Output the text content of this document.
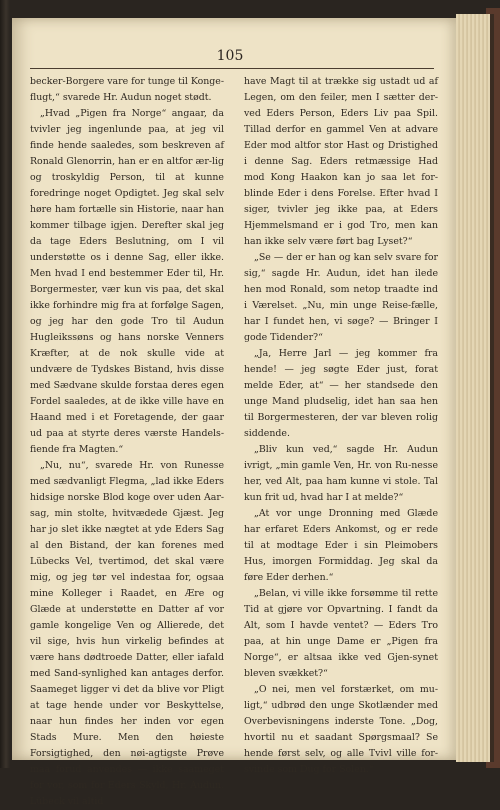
105

becker-Borgere vare for tunge til Konge-flugt,“ svarede Hr. Audun noget stødt.

„Hvad „Pigen fra Norge“ angaar, da tvivler jeg ingenlunde paa, at jeg vil finde hende saaledes, som beskreven af Ronald Glenorrin, han er en altfor ær-lig og troskyldig Person, til at kunne foredringe noget Opdigtet. Jeg skal selv høre ham fortælle sin Historie, naar han kommer tilbage igjen. Derefter skal jeg da tage Eders Beslutning, om I vil understøtte os i denne Sag, eller ikke. Men hvad I end bestemmer Eder til, Hr. Borgermester, vær kun vis paa, det skal ikke forhindre mig fra at forfølge Sagen, og jeg har den gode Tro til Audun Hugleikssøns og hans norske Venners Kræfter, at de nok skulle vide at undvære de Tydskes Bistand, hvis disse med Sædvane skulde forstaa deres egen Fordel saaledes, at de ikke ville have en Haand med i et Foretagende, der gaar ud paa at styrte deres værste Handels-fiende fra Magten.“

„Nu, nu“, svarede Hr. von Runesse med sædvanligt Flegma, „lad ikke Eders hidsige norske Blod koge over uden Aar-sag, min stolte, hvitvædede Gjæst. Jeg har jo slet ikke nægtet at yde Eders Sag al den Bistand, der kan forenes med Lübecks Vel, tvertimod, det skal være mig, og jeg tør vel indestaa for, ogsaa mine Kolleger i Raadet, en Ære og Glæde at understøtte en Datter af vor gamle kongelige Ven og Allierede, det vil sige, hvis hun virkelig befindes at være hans dødtroede Datter, eller iafald med Sand-synlighed kan antages derfor. Saameget ligger vi det da blive vor Pligt at tage hende under vor Beskyttelse, naar hun findes her inden vor egen Stads Mure. Men den høieste Forsigtighed, den nøi-agtigste Prøve maa forud anvendes — ikke saameget for vor, som for Eders Skyld, Hr. Audun. Lübeck vil altid

have Magt til at trække sig ustadt ud af Legen, om den feiler, men I sætter der-ved Eders Person, Eders Liv paa Spil. Tillad derfor en gammel Ven at advare Eder mod altfor stor Hast og Dristighed i denne Sag. Eders retmæssige Had mod Kong Haakon kan jo saa let for-blinde Eder i dens Forelse. Efter hvad I siger, tvivler jeg ikke paa, at Eders Hjemmelsmand er i god Tro, men kan han ikke selv være ført bag Lyset?“

„Se — der er han og kan selv svare for sig,“ sagde Hr. Audun, idet han ilede hen mod Ronald, som netop traadte ind i Værelset. „Nu, min unge Reise-fælle, har I fundet hen, vi søge? — Bringer I gode Tidender?“

„Ja, Herre Jarl — jeg kommer fra hende! — jeg søgte Eder just, forat melde Eder, at“ — her standsede den unge Mand pludselig, idet han saa hen til Borgermesteren, der var bleven rolig siddende.

„Bliv kun ved,“ sagde Hr. Audun ivrigt, „min gamle Ven, Hr. von Ru-nesse her, ved Alt, paa ham kunne vi stole. Tal kun frit ud, hvad har I at melde?“

„At vor unge Dronning med Glæde har erfaret Eders Ankomst, og er rede til at modtage Eder i sin Pleimobers Hus, imorgen Formiddag. Jeg skal da føre Eder derhen.“

„Belan, vi ville ikke forsømme til rette Tid at gjøre vor Opvartning. I fandt da Alt, som I havde ventet? — Eders Tro paa, at hin unge Dame er „Pigen fra Norge“, er altsaa ikke ved Gjen-synet bleven svækket?“

„O nei, men vel forstærket, om mu-ligt,“ udbrød den unge Skotlænder med Overbevisningens inderste Tone. „Dog, hvortil nu et saadant Spørgsmaal? Se hende først selv, og alle Tvivl ville for-svinde som Dug for Solen.“
